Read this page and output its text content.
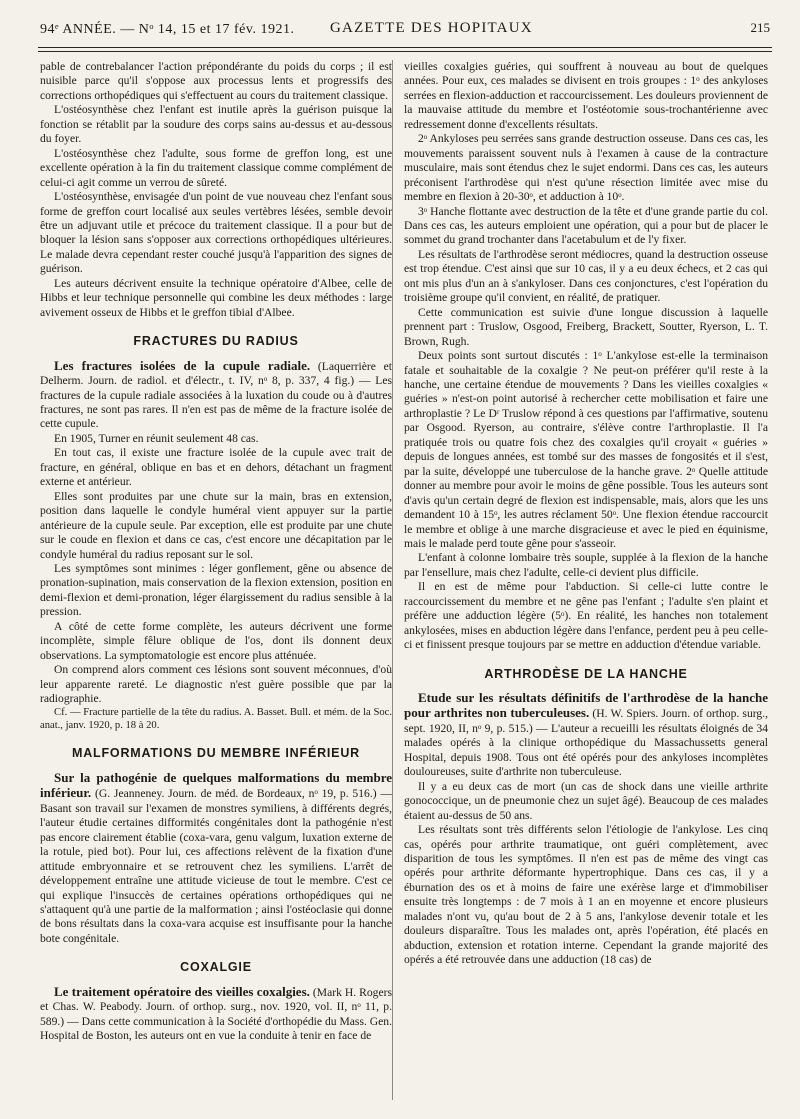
94ᵉ ANNÉE. — Nᵒ 14, 15 et 17 fév. 1921. GAZETTE DES HOPITAUX	215

pable de contrebalancer l'action prépondérante du poids du corps ; il est nuisible parce qu'il s'oppose aux processus lents et progressifs des corrections orthopédiques qui s'effectuent au cours du traitement classique.

L'ostéosynthèse chez l'enfant est inutile après la guérison puisque la fonction se rétablit par la soudure des corps sains au-dessus et au-dessous du foyer.

L'ostéosynthèse chez l'adulte, sous forme de greffon long, est une excellente opération à la fin du traitement classique comme complément de celui-ci agit comme un verrou de sûreté.

L'ostéosynthèse, envisagée d'un point de vue nouveau chez l'enfant sous forme de greffon court localisé aux seules vertèbres lésées, semble devoir être un adjuvant utile et précoce du traitement classique. Il a pour but de bloquer la lésion sans s'opposer aux corrections orthopédiques ultérieures. Le malade devra cependant rester couché jusqu'à l'apparition des signes de guérison.

Les auteurs décrivent ensuite la technique opératoire d'Albee, celle de Hibbs et leur technique personnelle qui combine les deux méthodes : large avivement osseux de Hibbs et le greffon tibial d'Albee.

FRACTURES DU RADIUS

Les fractures isolées de la cupule radiale. (Laquerrière et Delherm. Journ. de radiol. et d'électr., t. IV, nᵒ 8, p. 337, 4 fig.) — Les fractures de la cupule radiale associées à la luxation du coude ou à d'autres fractures, ne sont pas rares. Il n'en est pas de même de la fracture isolée de cette cupule.

En 1905, Turner en réunit seulement 48 cas.

En tout cas, il existe une fracture isolée de la cupule avec trait de fracture, en général, oblique en bas et en dehors, détachant un fragment externe et antérieur.

Elles sont produites par une chute sur la main, bras en extension, position dans laquelle le condyle huméral vient appuyer sur la partie antérieure de la cupule seule. Par exception, elle est produite par une chute sur le coude en flexion et dans ce cas, c'est encore une décapitation par le condyle huméral du radius reposant sur le sol.

Les symptômes sont minimes : léger gonflement, gêne ou absence de pronation-supination, mais conservation de la flexion extension, position en demi-flexion et demi-pronation, léger élargissement du radius sensible à la pression.

A côté de cette forme complète, les auteurs décrivent une forme incomplète, simple fêlure oblique de l'os, dont ils donnent deux observations. La symptomatologie est encore plus atténuée.

On comprend alors comment ces lésions sont souvent méconnues, d'où leur apparente rareté. Le diagnostic n'est guère possible que par la radiographie.

Cf. — Fracture partielle de la tête du radius. A. Basset. Bull. et mém. de la Soc. anat., janv. 1920, p. 18 à 20.

MALFORMATIONS DU MEMBRE INFÉRIEUR

Sur la pathogénie de quelques malformations du membre inférieur. (G. Jeanneney. Journ. de méd. de Bordeaux, nᵒ 19, p. 516.) — Basant son travail sur l'examen de monstres symiliens, à différents degrés, l'auteur étudie certaines difformités congénitales dont la pathogénie n'est pas encore clairement établie (coxa-vara, genu valgum, luxation externe de la rotule, pied bot). Pour lui, ces affections relèvent de la fixation d'une attitude embryonnaire et se retrouvent chez les symiliens. L'arrêt de développement entraîne une attitude vicieuse de tout le membre. C'est ce qui explique l'insuccès de certaines opérations orthopédiques qui ne s'attaquent qu'à une partie de la malformation ; ainsi l'ostéoclasie qui donne de bons résultats dans la coxa-vara acquise est insuffisante pour la hanche bote congénitale.

COXALGIE

Le traitement opératoire des vieilles coxalgies. (Mark H. Rogers et Chas. W. Peabody. Journ. of orthop. surg., nov. 1920, vol. II, nᵒ 11, p. 589.) — Dans cette communication à la Société d'orthopédie du Mass. Gen. Hospital de Boston, les auteurs ont en vue la conduite à tenir en face de

vieilles coxalgies guéries, qui souffrent à nouveau au bout de quelques années. Pour eux, ces malades se divisent en trois groupes : 1ᵒ des ankyloses serrées en flexion-adduction et raccourcissement. Les douleurs proviennent de la mauvaise attitude du membre et l'ostéotomie sous-trochantérienne avec redressement donne d'excellents résultats.

2ᵒ Ankyloses peu serrées sans grande destruction osseuse. Dans ces cas, les mouvements paraissent souvent nuls à l'examen à cause de la contracture musculaire, mais sont étendus chez le sujet endormi. Dans ces cas, les auteurs préconisent l'arthrodèse qui n'est qu'une résection limitée avec mise du membre en flexion à 20-30ᵒ, et adduction à 10ᵒ.

3ᵒ Hanche flottante avec destruction de la tête et d'une grande partie du col. Dans ces cas, les auteurs emploient une opération, qui a pour but de placer le sommet du grand trochanter dans l'acetabulum et de l'y fixer.

Les résultats de l'arthrodèse seront médiocres, quand la destruction osseuse est trop étendue. C'est ainsi que sur 10 cas, il y a eu deux échecs, et 2 cas qui ont mis plus d'un an à s'ankyloser. Dans ces conjonctures, c'est l'opération du troisième groupe qu'il convient, en réalité, de pratiquer.

Cette communication est suivie d'une longue discussion à laquelle prennent part : Truslow, Osgood, Freiberg, Brackett, Soutter, Ryerson, L. T. Brown, Rugh.

Deux points sont surtout discutés : 1ᵒ L'ankylose est-elle la terminaison fatale et souhaitable de la coxalgie ? Ne peut-on préférer qu'il reste à la hanche, une certaine étendue de mouvements ? Dans les vieilles coxalgies « guéries » n'est-on point autorisé à rechercher cette mobilisation et faire une arthroplastie ? Le Dʳ Truslow répond à ces questions par l'affirmative, soutenu par Osgood. Ryerson, au contraire, s'élève contre l'arthroplastie. Il l'a pratiquée trois ou quatre fois chez des coxalgies qu'il croyait « guéries » depuis de longues années, est tombé sur des masses de fongosités et il s'est, par la suite, développé une tuberculose de la hanche grave. 2ᵒ Quelle attitude donner au membre pour avoir le moins de gêne possible. Tous les auteurs sont d'avis qu'un certain degré de flexion est indispensable, mais, alors que les uns demandent 10 à 15ᵒ, les autres réclament 50ᵒ. Une flexion étendue raccourcit le membre et oblige à une marche disgracieuse et avec le pied en équinisme, mais le malade perd toute gêne pour s'asseoir.

L'enfant à colonne lombaire très souple, supplée à la flexion de la hanche par l'ensellure, mais chez l'adulte, celle-ci devient plus difficile.

Il en est de même pour l'abduction. Si celle-ci lutte contre le raccourcissement du membre et ne gêne pas l'enfant ; l'adulte s'en plaint et préfère une adduction légère (5ᵒ). En réalité, les hanches non totalement ankylosées, mises en abduction légère dans l'enfance, perdent peu à peu celle-ci et finissent presque toujours par se mettre en adduction d'étendue variable.

ARTHRODÈSE DE LA HANCHE

Etude sur les résultats définitifs de l'arthrodèse de la hanche pour arthrites non tuberculeuses. (H. W. Spiers. Journ. of orthop. surg., sept. 1920, II, nᵒ 9, p. 515.) — L'auteur a recueilli les résultats éloignés de 34 malades opérés à la clinique orthopédique du Massachussetts general Hospital, depuis 1908. Tous ont été opérés pour des ankyloses incomplètes douloureuses, suite d'arthrite non tuberculeuse.

Il y a eu deux cas de mort (un cas de shock dans une vieille arthrite gonococcique, un de pneumonie chez un sujet âgé). Beaucoup de ces malades étaient au-dessus de 50 ans.

Les résultats sont très différents selon l'étiologie de l'ankylose. Les cinq cas, opérés pour arthrite traumatique, ont guéri complètement, avec disparition de tous les symptômes. Il n'en est pas de même des vingt cas opérés pour arthrite déformante hypertrophique. Dans ces cas, il y a éburnation des os et à moins de faire une exérèse large et d'immobiliser ensuite très longtemps : de 7 mois à 1 an en moyenne et encore plusieurs malades n'ont vu, qu'au bout de 2 à 5 ans, l'ankylose devenir totale et les douleurs disparaître. Tous les malades ont, après l'opération, été placés en abduction, extension et rotation interne. Cependant la grande majorité des opérés a été retrouvée dans une adduction (18 cas) de
